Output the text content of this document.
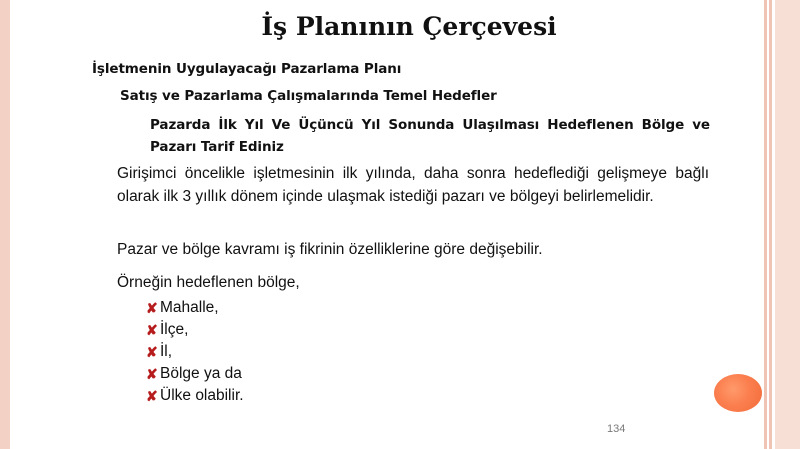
İş Planının Çerçevesi
İşletmenin Uygulayacağı Pazarlama Planı
Satış ve Pazarlama Çalışmalarında Temel Hedefler
Pazarda İlk Yıl Ve Üçüncü Yıl Sonunda Ulaşılması Hedeflenen Bölge ve Pazarı Tarif Ediniz
Girişimci öncelikle işletmesinin ilk yılında, daha sonra hedeflediği gelişmeye bağlı olarak ilk 3 yıllık dönem içinde ulaşmak istediği pazarı ve bölgeyi belirlemelidir.
Pazar ve bölge kavramı iş fikrinin özelliklerine göre değişebilir.
Örneğin hedeflenen bölge,
✘ Mahalle,
✘ İlçe,
✘ İl,
✘ Bölge ya da
✘ Ülke olabilir.
134
